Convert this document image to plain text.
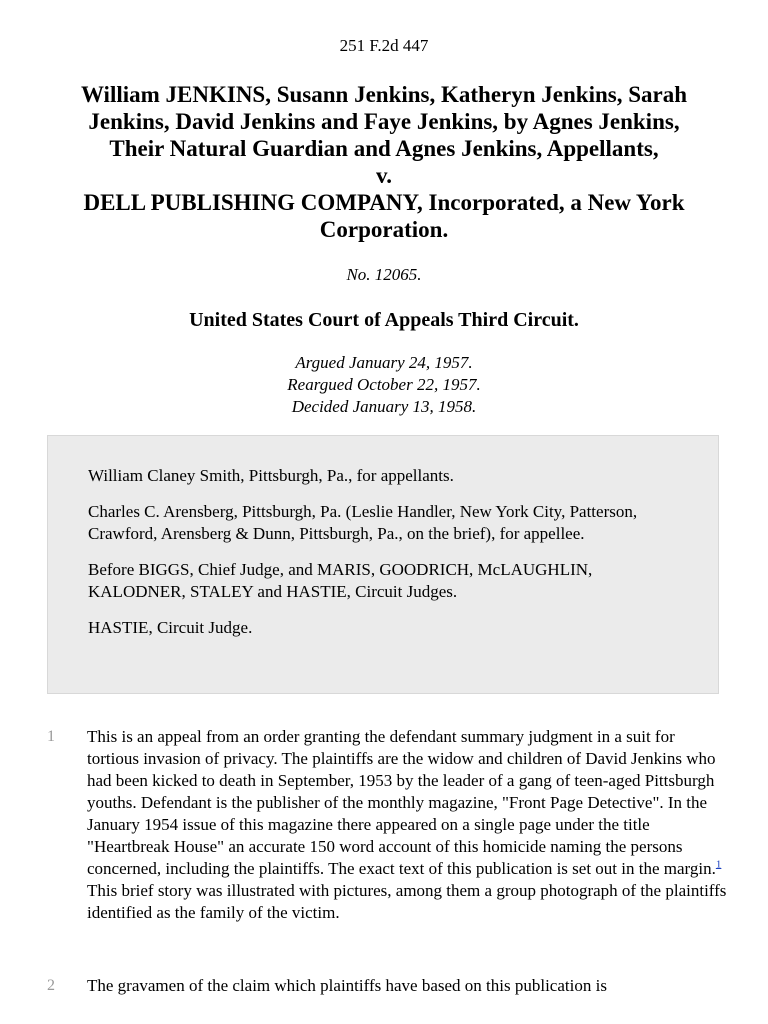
251 F.2d 447
William JENKINS, Susann Jenkins, Katheryn Jenkins, Sarah
Jenkins, David Jenkins and Faye Jenkins, by Agnes Jenkins,
Their Natural Guardian and Agnes Jenkins, Appellants,
v.
DELL PUBLISHING COMPANY, Incorporated, a New York
Corporation.
No. 12065.
United States Court of Appeals Third Circuit.
Argued January 24, 1957.
Reargued October 22, 1957.
Decided January 13, 1958.

William Claney Smith, Pittsburgh, Pa., for appellants.

Charles C. Arensberg, Pittsburgh, Pa. (Leslie Handler, New York City, Patterson, Crawford, Arensberg & Dunn, Pittsburgh, Pa., on the brief), for appellee.

Before BIGGS, Chief Judge, and MARIS, GOODRICH, McLAUGHLIN, KALODNER, STALEY and HASTIE, Circuit Judges.

HASTIE, Circuit Judge.

1 This is an appeal from an order granting the defendant summary judgment in a suit for tortious invasion of privacy. The plaintiffs are the widow and children of David Jenkins who had been kicked to death in September, 1953 by the leader of a gang of teen-aged Pittsburgh youths. Defendant is the publisher of the monthly magazine, "Front Page Detective". In the January 1954 issue of this magazine there appeared on a single page under the title "Heartbreak House" an accurate 150 word account of this homicide naming the persons concerned, including the plaintiffs. The exact text of this publication is set out in the margin.$^1$ This brief story was illustrated with pictures, among them a group photograph of the plaintiffs identified as the family of the victim.
2 The gravamen of the claim which plaintiffs have based on this publication is
